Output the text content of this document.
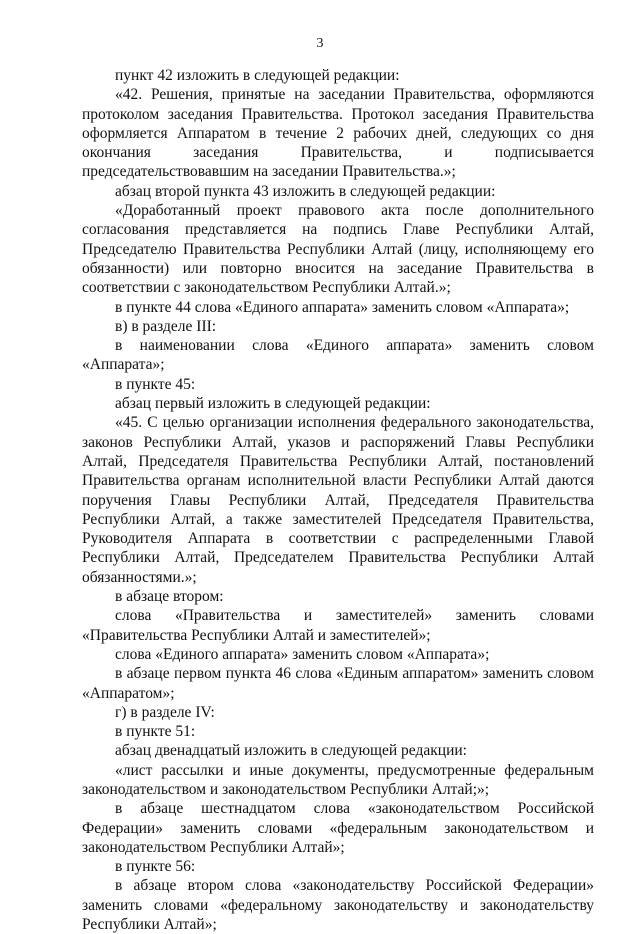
3

пункт 42 изложить в следующей редакции:

«42. Решения, принятые на заседании Правительства, оформляются протоколом заседания Правительства. Протокол заседания Правительства оформляется Аппаратом в течение 2 рабочих дней, следующих со дня окончания заседания Правительства, и подписывается председательствовавшим на заседании Правительства.»;

абзац второй пункта 43 изложить в следующей редакции:

«Доработанный проект правового акта после дополнительного согласования представляется на подпись Главе Республики Алтай, Председателю Правительства Республики Алтай (лицу, исполняющему его обязанности) или повторно вносится на заседание Правительства в соответствии с законодательством Республики Алтай.»;

в пункте 44 слова «Единого аппарата» заменить словом «Аппарата»;

в) в разделе III:

в наименовании слова «Единого аппарата» заменить словом «Аппарата»;

в пункте 45:

абзац первый изложить в следующей редакции:

«45. С целью организации исполнения федерального законодательства, законов Республики Алтай, указов и распоряжений Главы Республики Алтай, Председателя Правительства Республики Алтай, постановлений Правительства органам исполнительной власти Республики Алтай даются поручения Главы Республики Алтай, Председателя Правительства Республики Алтай, а также заместителей Председателя Правительства, Руководителя Аппарата в соответствии с распределенными Главой Республики Алтай, Председателем Правительства Республики Алтай обязанностями.»;

в абзаце втором:

слова «Правительства и заместителей» заменить словами «Правительства Республики Алтай и заместителей»;

слова «Единого аппарата» заменить словом «Аппарата»;

в абзаце первом пункта 46 слова «Единым аппаратом» заменить словом «Аппаратом»;

г) в разделе IV:

в пункте 51:

абзац двенадцатый изложить в следующей редакции:

«лист рассылки и иные документы, предусмотренные федеральным законодательством и законодательством Республики Алтай;»;

в абзаце шестнадцатом слова «законодательством Российской Федерации» заменить словами «федеральным законодательством и законодательством Республики Алтай»;

в пункте 56:

в абзаце втором слова «законодательству Российской Федерации» заменить словами «федеральному законодательству и законодательству Республики Алтай»;
